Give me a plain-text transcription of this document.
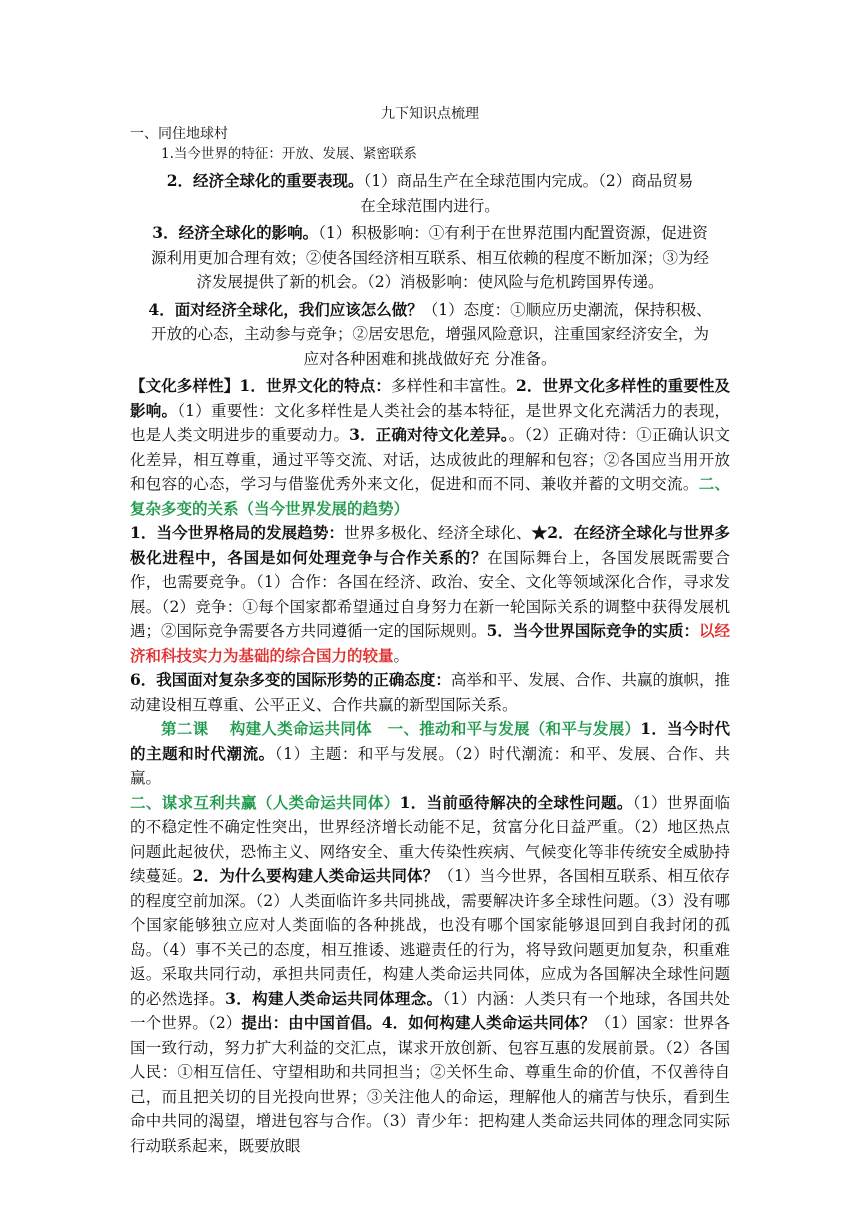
九下知识点梳理

一、同住地球村

1.当今世界的特征：开放、发展、紧密联系

2．经济全球化的重要表现。（1）商品生产在全球范围内完成。（2）商品贸易
在全球范围内进行。

3．经济全球化的影响。（1）积极影响：①有利于在世界范围内配置资源，促进资
源利用更加合理有效；②使各国经济相互联系、相互依赖的程度不断加深；③为经
济发展提供了新的机会。（2）消极影响：使风险与危机跨国界传递。

4．面对经济全球化，我们应该怎么做？（1）态度：①顺应历史潮流，保持积极、
开放的心态，主动参与竞争；②居安思危，增强风险意识，注重国家经济安全，为
应对各种困难和挑战做好充 分准备。

【文化多样性】1．世界文化的特点：多样性和丰富性。2．世界文化多样性的重要性及影响。（1）重要性：文化多样性是人类社会的基本特征，是世界文化充满活力的表现，也是人类文明进步的重要动力。3．正确对待文化差异。。（2）正确对待：①正确认识文化差异，相互尊重，通过平等交流、对话，达成彼此的理解和包容；②各国应当用开放和包容的心态，学习与借鉴优秀外来文化，促进和而不同、兼收并蓄的文明交流。二、复杂多变的关系（当今世界发展的趋势）

1．当今世界格局的发展趋势：世界多极化、经济全球化、★2．在经济全球化与世界多极化进程中，各国是如何处理竞争与合作关系的？在国际舞台上，各国发展既需要合作，也需要竞争。（1）合作：各国在经济、政治、安全、文化等领域深化合作，寻求发展。（2）竞争：①每个国家都希望通过自身努力在新一轮国际关系的调整中获得发展机遇；②国际竞争需要各方共同遵循一定的国际规则。5．当今世界国际竞争的实质：以经济和科技实力为基础的综合国力的较量。

6．我国面对复杂多变的国际形势的正确态度：高举和平、发展、合作、共赢的旗帜，推动建设相互尊重、公平正义、合作共赢的新型国际关系。

第二课　 构建人类命运共同体　一、推动和平与发展（和平与发展）1．当今时代的主题和时代潮流。（1）主题：和平与发展。（2）时代潮流：和平、发展、合作、共赢。

二、谋求互利共赢（人类命运共同体）1．当前亟待解决的全球性问题。（1）世界面临的不稳定性不确定性突出，世界经济增长动能不足，贫富分化日益严重。（2）地区热点问题此起彼伏，恐怖主义、网络安全、重大传染性疾病、气候变化等非传统安全威胁持续蔓延。2．为什么要构建人类命运共同体？（1）当今世界，各国相互联系、相互依存的程度空前加深。（2）人类面临许多共同挑战，需要解决许多全球性问题。（3）没有哪个国家能够独立应对人类面临的各种挑战，也没有哪个国家能够退回到自我封闭的孤岛。（4）事不关己的态度，相互推诿、逃避责任的行为，将导致问题更加复杂，积重难返。采取共同行动，承担共同责任，构建人类命运共同体，应成为各国解决全球性问题的必然选择。3．构建人类命运共同体理念。（1）内涵：人类只有一个地球，各国共处一个世界。（2）提出：由中国首倡。4．如何构建人类命运共同体？（1）国家：世界各国一致行动，努力扩大利益的交汇点，谋求开放创新、包容互惠的发展前景。（2）各国人民：①相互信任、守望相助和共同担当；②关怀生命、尊重生命的价值，不仅善待自己，而且把关切的目光投向世界；③关注他人的命运，理解他人的痛苦与快乐，看到生命中共同的渴望，增进包容与合作。（3）青少年：把构建人类命运共同体的理念同实际行动联系起来，既要放眼
